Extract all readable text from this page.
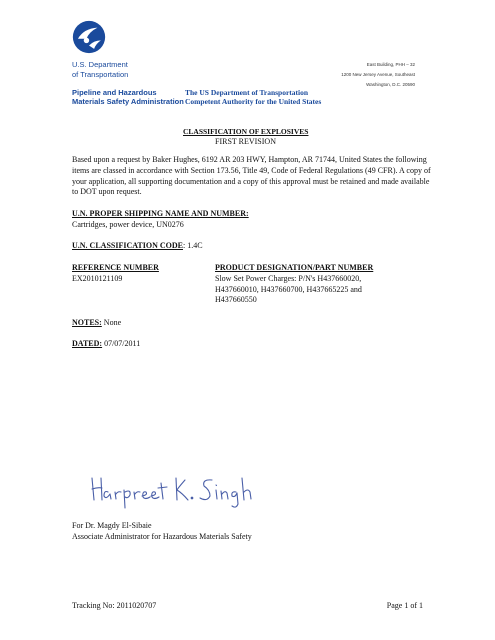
U.S. Department
of Transportation
Pipeline and Hazardous
Materials Safety Administration
The US Department of Transportation
Competent Authority for the United States
East Building, PHH – 32
1200 New Jersey Avenue, Southeast
Washington, D.C. 20590
CLASSIFICATION OF EXPLOSIVES
FIRST REVISION

Based upon a request by Baker Hughes, 6192 AR 203 HWY, Hampton, AR 71744, United States the following items are classed in accordance with Section 173.56, Title 49, Code of Federal Regulations (49 CFR). A copy of your application, all supporting documentation and a copy of this approval must be retained and made available to DOT upon request.

U.N. PROPER SHIPPING NAME AND NUMBER:
Cartridges, power device, UN0276
U.N. CLASSIFICATION CODE: 1.4C
REFERENCE NUMBER
EX2010121109
PRODUCT DESIGNATION/PART NUMBER
Slow Set Power Charges: P/N's H437660020,
H437660010, H437660700, H437665225 and
H437660550
NOTES: None
DATED: 07/07/2011
For Dr. Magdy El-Sibaie
Associate Administrator for Hazardous Materials Safety
Tracking No: 2011020707	Page 1 of 1
